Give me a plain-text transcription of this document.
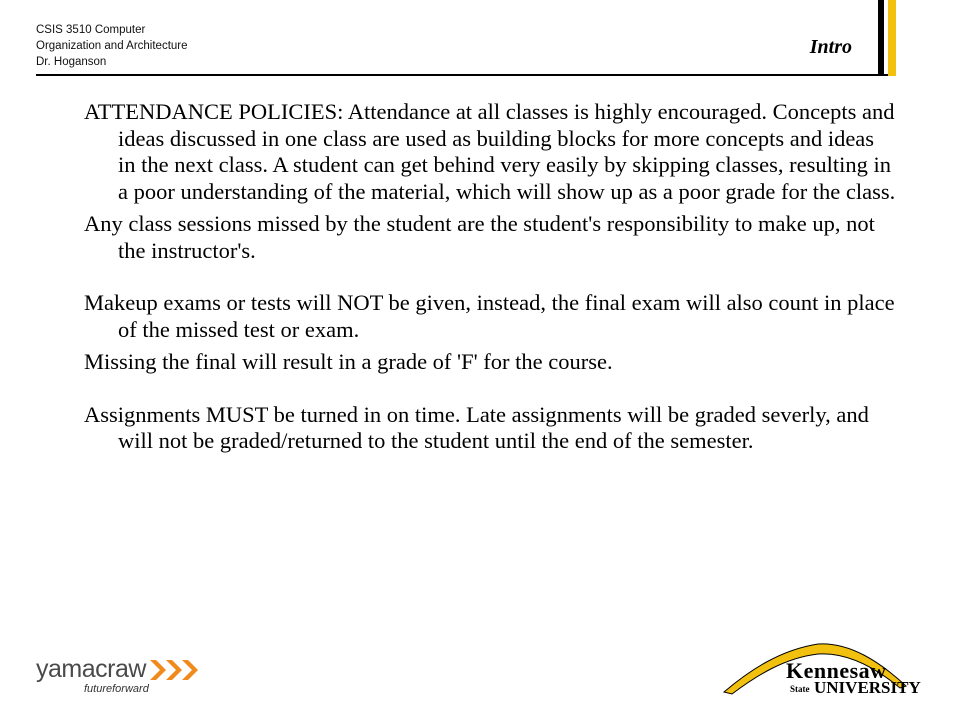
CSIS 3510 Computer
Organization and Architecture
Dr. Hoganson
Intro
ATTENDANCE POLICIES: Attendance at all classes is highly encouraged. Concepts and ideas discussed in one class are used as building blocks for more concepts and ideas in the next class. A student can get behind very easily by skipping classes, resulting in a poor understanding of the material, which will show up as a poor grade for the class.
Any class sessions missed by the student are the student's responsibility to make up, not the instructor's.
Makeup exams or tests will NOT be given, instead, the final exam will also count in place of the missed test or exam.
Missing the final will result in a grade of 'F' for the course.
Assignments MUST be turned in on time. Late assignments will be graded severly, and will not be graded/returned to the student until the end of the semester.
yamacraw
futureforward
Kennesaw
State UNIVERSITY
